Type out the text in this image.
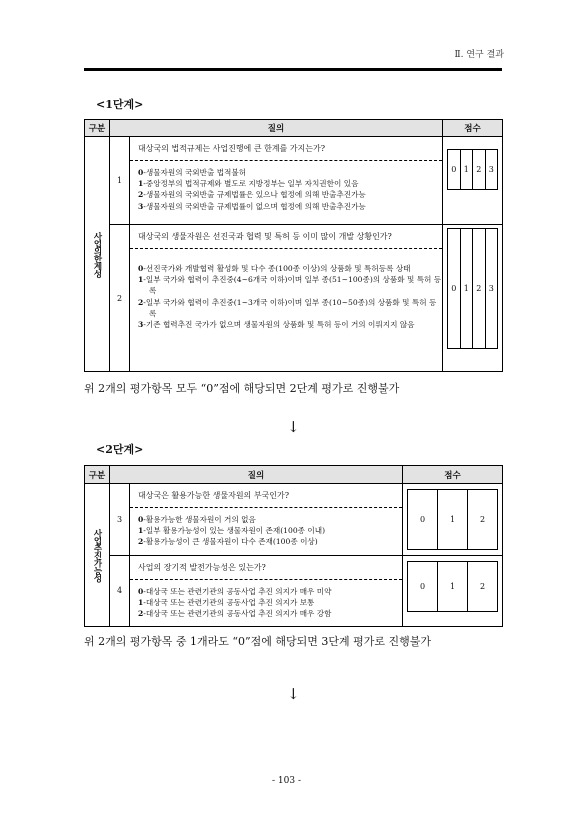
Ⅱ. 연구 결과
<1단계>
구분	질의	점수

사업의한계성
	1	
대상국의 법적규제는 사업진행에 큰 한계를 가지는가?
0-생물자원의 국외반출 법적불허
1-중앙정부의 법적규제와 별도로 지방정부는 일부 자치권한이 있음
2-생물자원의 국외반출 규제법률은 있으나 협정에 의해 반출추진가능
3-생물자원의 국외반출 규제법률이 없으며 협정에 의해 반출추진가능

0	1	2	3

2	
대상국의 생물자원은 선진국과 협력 및 특허 등 이미 많이 개발 상황인가?
0-선진국가와 개발협력 활성화 및 다수 종(100종 이상)의 상품화 및 특허등록 상태
1-일부 국가와 협력이 추진중(4~6개국 이하)이며 일부 종(51~100종)의 상품화 및 특허 등록
2-일부 국가와 협력이 추진중(1~3개국 이하)이며 일부 종(10~50종)의 상품화 및 특허 등록
3-기존 협력추진 국가가 없으며 생물자원의 상품화 및 특허 등이 거의 이뤄지지 않음

0	1	2	3
위 2개의 평가항목 모두 “0”점에 해당되면 2단계 평가로 진행불가
↓
<2단계>
구분	질의	점수

사업추진가능성
	3	
대상국은 활용가능한 생물자원의 부국인가?
0-활용가능한 생물자원이 거의 없음
1-일부 활용가능성이 있는 생물자원이 존재(100종 이내)
2-활용가능성이 큰 생물자원이 다수 존재(100종 이상)

0	1	2

4	
사업의 장기적 발전가능성은 있는가?
0-대상국 또는 관련기관의 공동사업 추진 의지가 매우 미약
1-대상국 또는 관련기관의 공동사업 추진 의지가 보통
2-대상국 또는 관련기관의 공동사업 추진 의지가 매우 강함

0	1	2
위 2개의 평가항목 중 1개라도 “0”점에 해당되면 3단계 평가로 진행불가
↓
- 103 -
